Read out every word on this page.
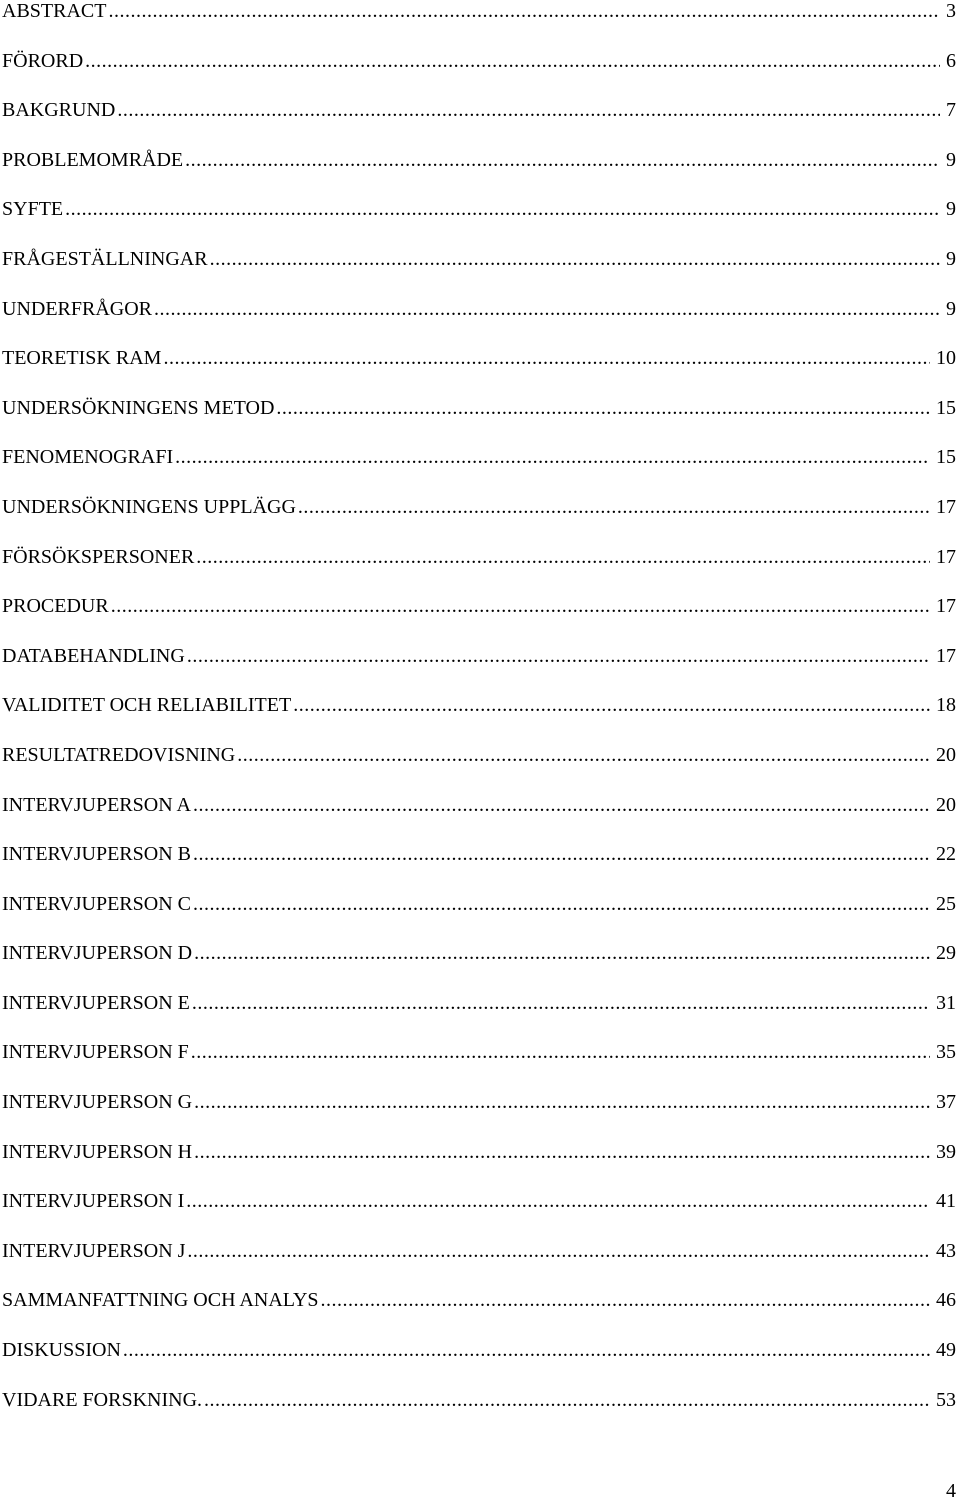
ABSTRACT .....	3
FÖRORD .....	6
BAKGRUND .....	7
PROBLEMOMRÅDE .....	9
SYFTE .....	9
FRÅGESTÄLLNINGAR .....	9
UNDERFRÅGOR .....	9
TEORETISK RAM .....	10
UNDERSÖKNINGENS METOD .....	15
FENOMENOGRAFI .....	15
UNDERSÖKNINGENS UPPLÄGG .....	17
FÖRSÖKSPERSONER .....	17
PROCEDUR .....	17
DATABEHANDLING .....	17
VALIDITET OCH RELIABILITET .....	18
RESULTATREDOVISNING .....	20
INTERVJUPERSON A .....	20
INTERVJUPERSON B .....	22
INTERVJUPERSON C .....	25
INTERVJUPERSON D .....	29
INTERVJUPERSON E .....	31
INTERVJUPERSON F .....	35
INTERVJUPERSON G .....	37
INTERVJUPERSON H .....	39
INTERVJUPERSON I .....	41
INTERVJUPERSON J .....	43
SAMMANFATTNING OCH ANALYS .....	46
DISKUSSION .....	49
VIDARE FORSKNING. .....	53
4
